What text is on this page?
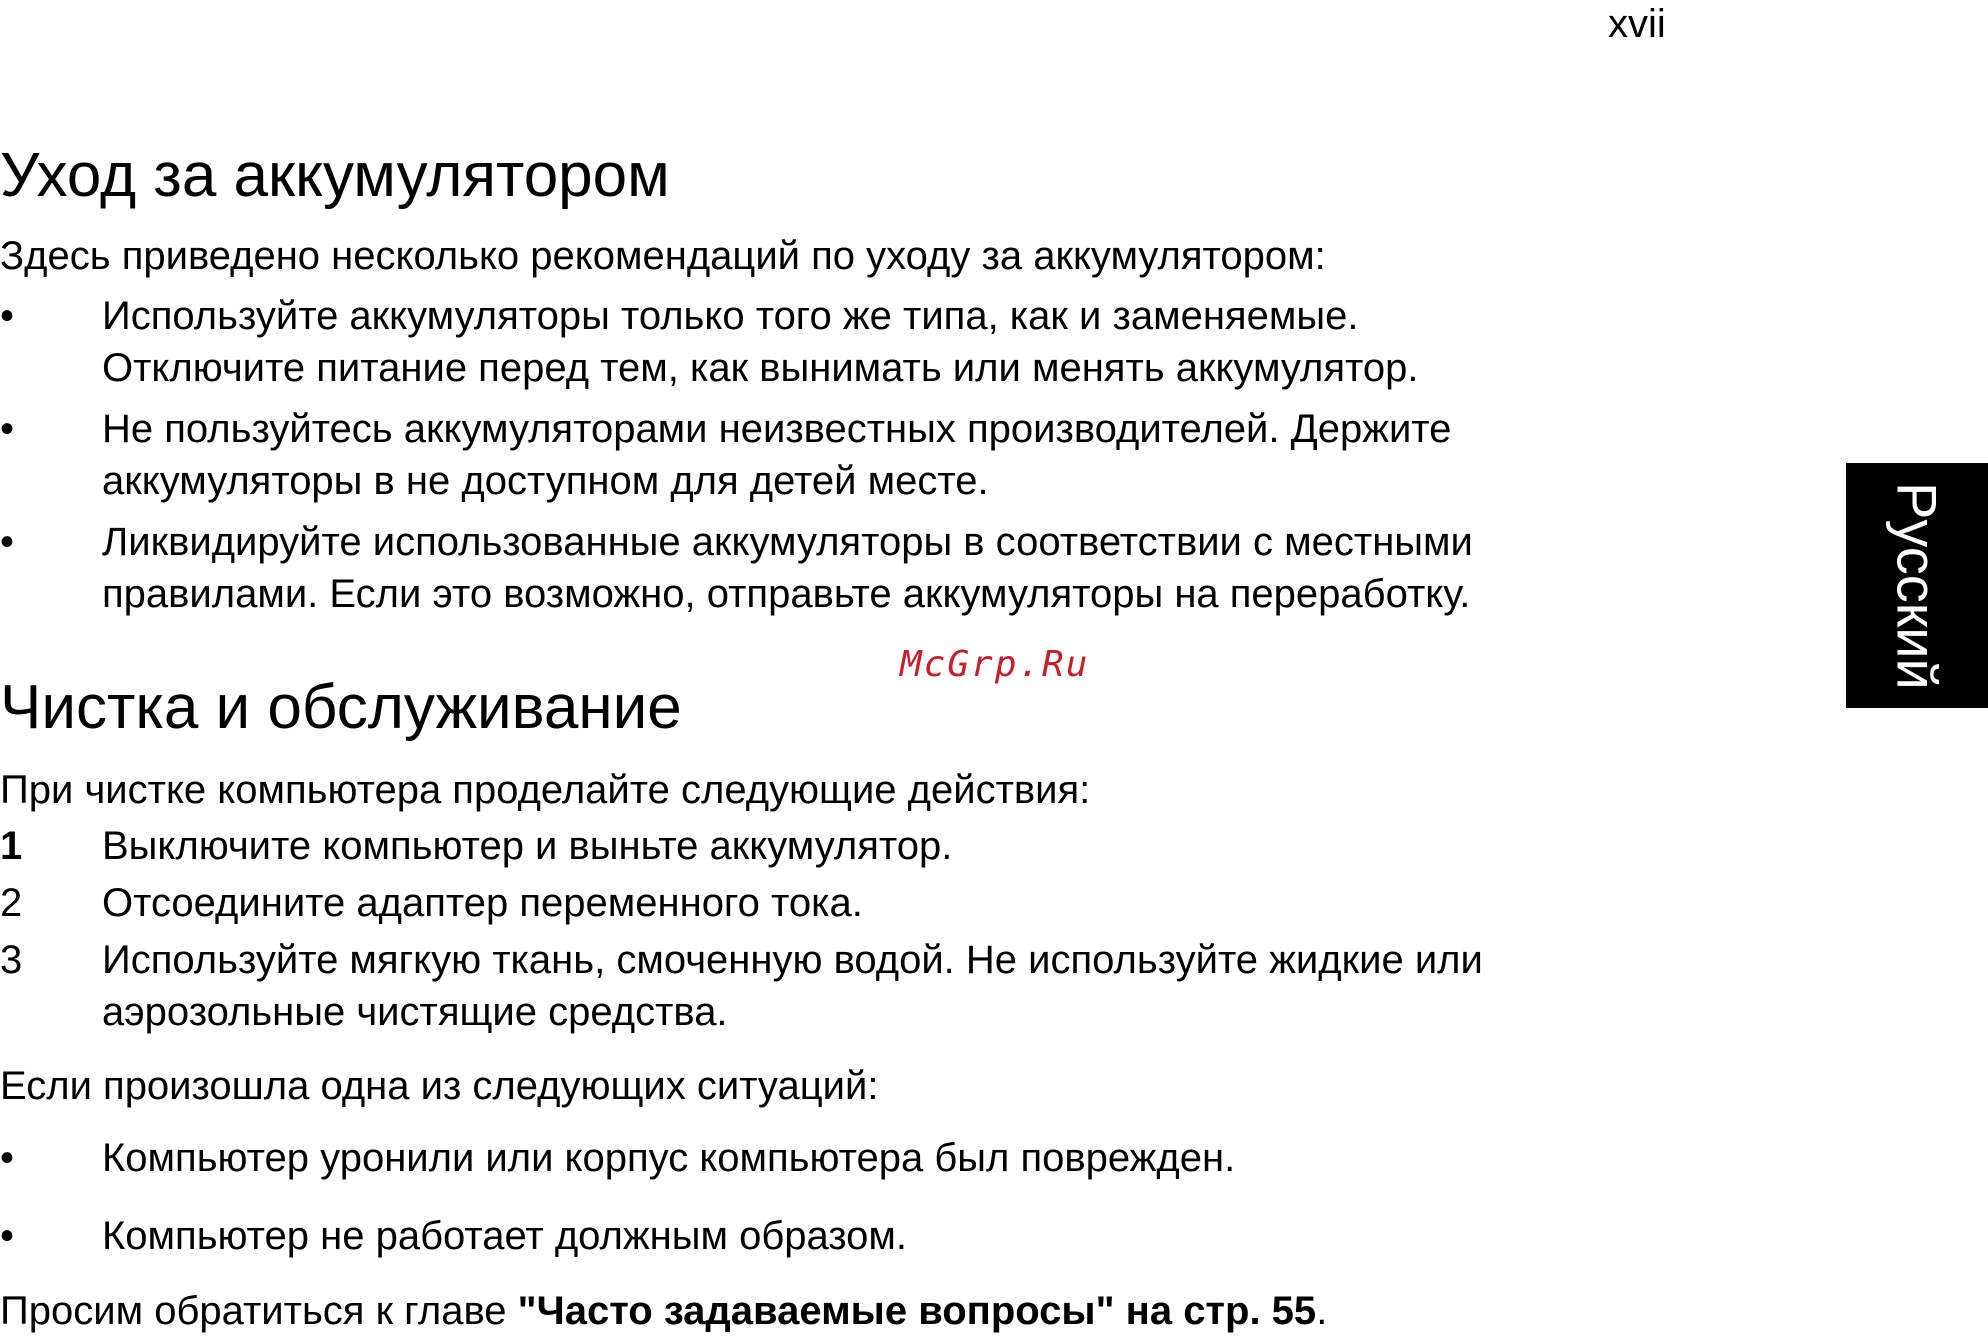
xvii
Русский
Уход за аккумулятором

Здесь приведено несколько рекомендаций по уходу за аккумулятором:

•	Используйте аккумуляторы только того же типа, как и заменяемые.
Отключите питание перед тем, как вынимать или менять аккумулятор.
•	Не пользуйтесь аккумуляторами неизвестных производителей. Держите
аккумуляторы в не доступном для детей месте.
•	Ликвидируйте использованные аккумуляторы в соответствии с местными
правилами. Если это возможно, отправьте аккумуляторы на переработку.
McGrp.Ru
Чистка и обслуживание

При чистке компьютера проделайте следующие действия:

1	Выключите компьютер и выньте аккумулятор.
2	Отсоедините адаптер переменного тока.
3	Используйте мягкую ткань, смоченную водой. Не используйте жидкие или
аэрозольные чистящие средства.

Если произошла одна из следующих ситуаций:

•	Компьютер уронили или корпус компьютера был поврежден.
•	Компьютер не работает должным образом.

Просим обратиться к главе "Часто задаваемые вопросы" на стр. 55.
